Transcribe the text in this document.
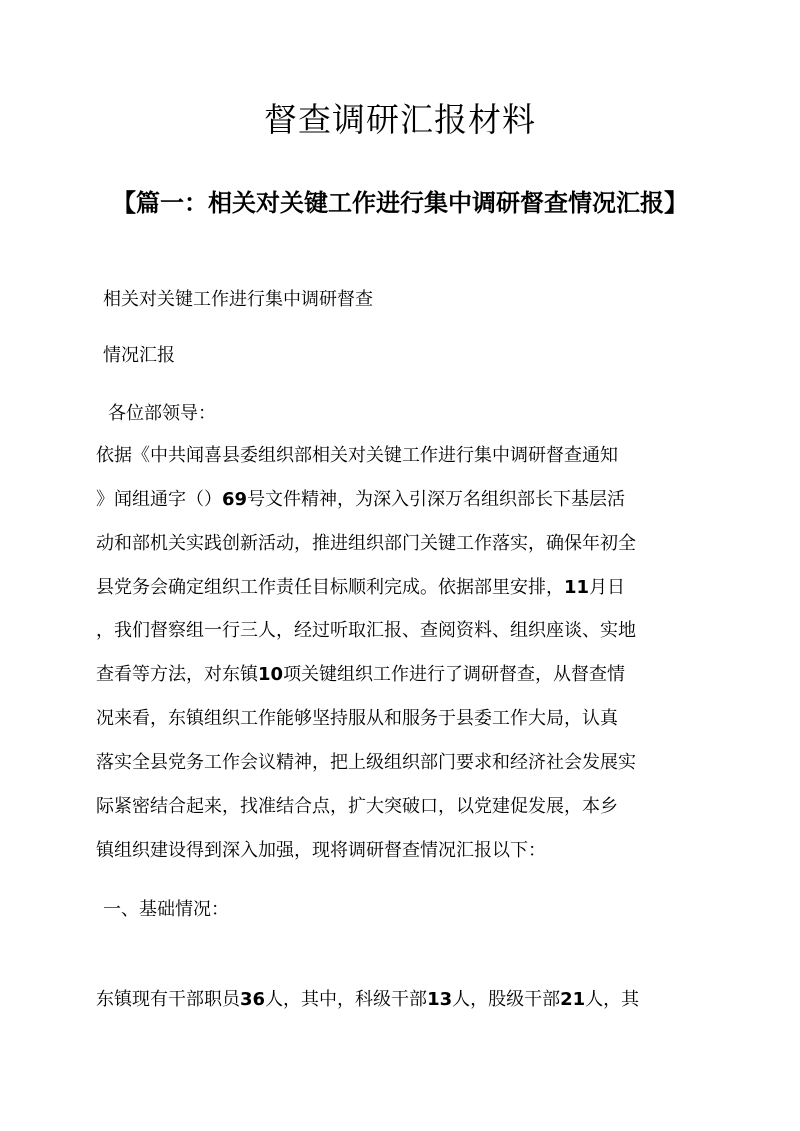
督查调研汇报材料
【篇一：相关对关键工作进行集中调研督查情况汇报】

相关对关键工作进行集中调研督查

情况汇报

各位部领导：

依据《中共闻喜县委组织部相关对关键工作进行集中调研督查通知

》闻组通字（）69号文件精神，为深入引深万名组织部长下基层活

动和部机关实践创新活动，推进组织部门关键工作落实，确保年初全

县党务会确定组织工作责任目标顺利完成。依据部里安排，11月日

，我们督察组一行三人，经过听取汇报、查阅资料、组织座谈、实地

查看等方法，对东镇10项关键组织工作进行了调研督查，从督查情

况来看，东镇组织工作能够坚持服从和服务于县委工作大局，认真

落实全县党务工作会议精神，把上级组织部门要求和经济社会发展实

际紧密结合起来，找准结合点，扩大突破口，以党建促发展，本乡

镇组织建设得到深入加强，现将调研督查情况汇报以下：

一、基础情况：

东镇现有干部职员36人，其中，科级干部13人，股级干部21人，其
